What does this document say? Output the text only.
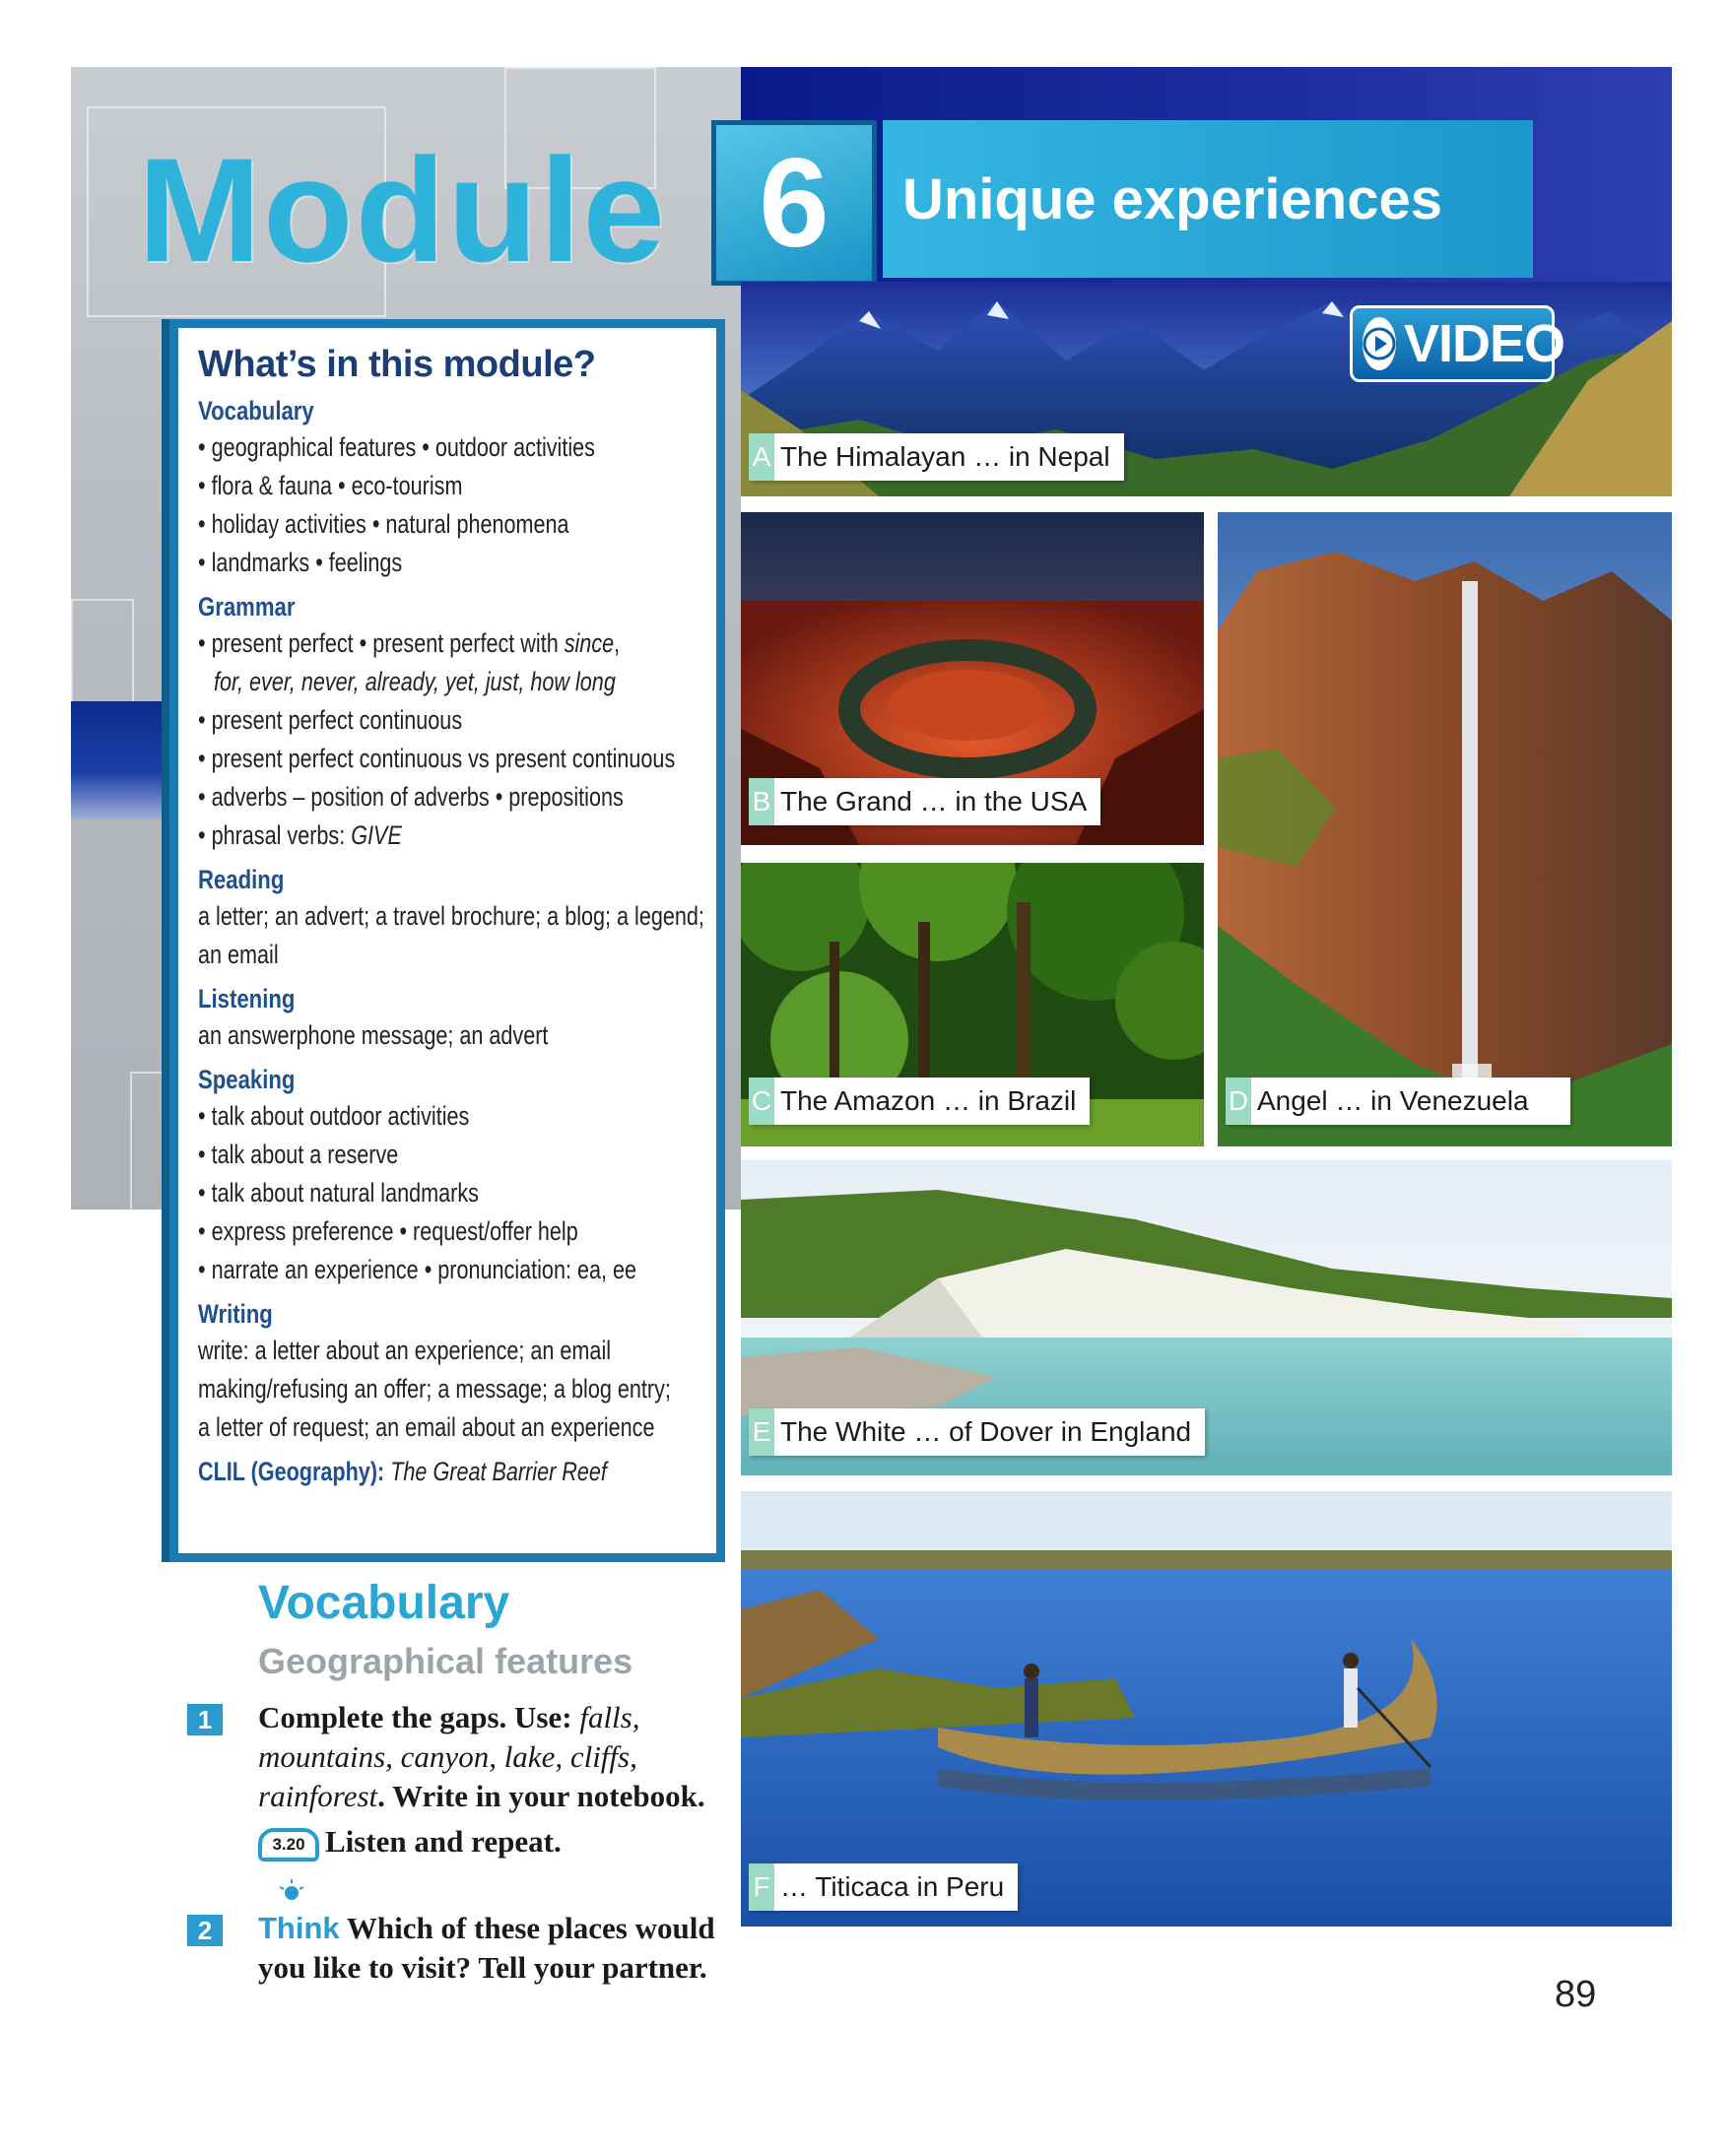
Module 6	Unique experiences
A The Himalayan … in Nepal
VIDEO
B The Grand … in the USA
C The Amazon … in Brazil	D Angel … in Venezuela
E The White … of Dover in England
F … Titicaca in Peru
What’s in this module?
Vocabulary
• geographical features • outdoor activities
• flora & fauna • eco-tourism
• holiday activities • natural phenomena
• landmarks • feelings
Grammar
• present perfect • present perfect with since,
for, ever, never, already, yet, just, how long
• present perfect continuous
• present perfect continuous vs present continuous
• adverbs – position of adverbs • prepositions
• phrasal verbs: GIVE
Reading
a letter; an advert; a travel brochure; a blog; a legend;
an email
Listening
an answerphone message; an advert
Speaking
• talk about outdoor activities
• talk about a reserve
• talk about natural landmarks
• express preference • request/offer help
• narrate an experience • pronunciation: ea, ee
Writing
write: a letter about an experience; an email
making/refusing an offer; a message; a blog entry;
a letter of request; an email about an experience
CLIL (Geography): The Great Barrier Reef
Vocabulary
Geographical features
1	Complete the gaps. Use: falls,
mountains, canyon, lake, cliffs,
rainforest. Write in your notebook.
3.20 Listen and repeat.
2	Think Which of these places would
you like to visit? Tell your partner.
89
